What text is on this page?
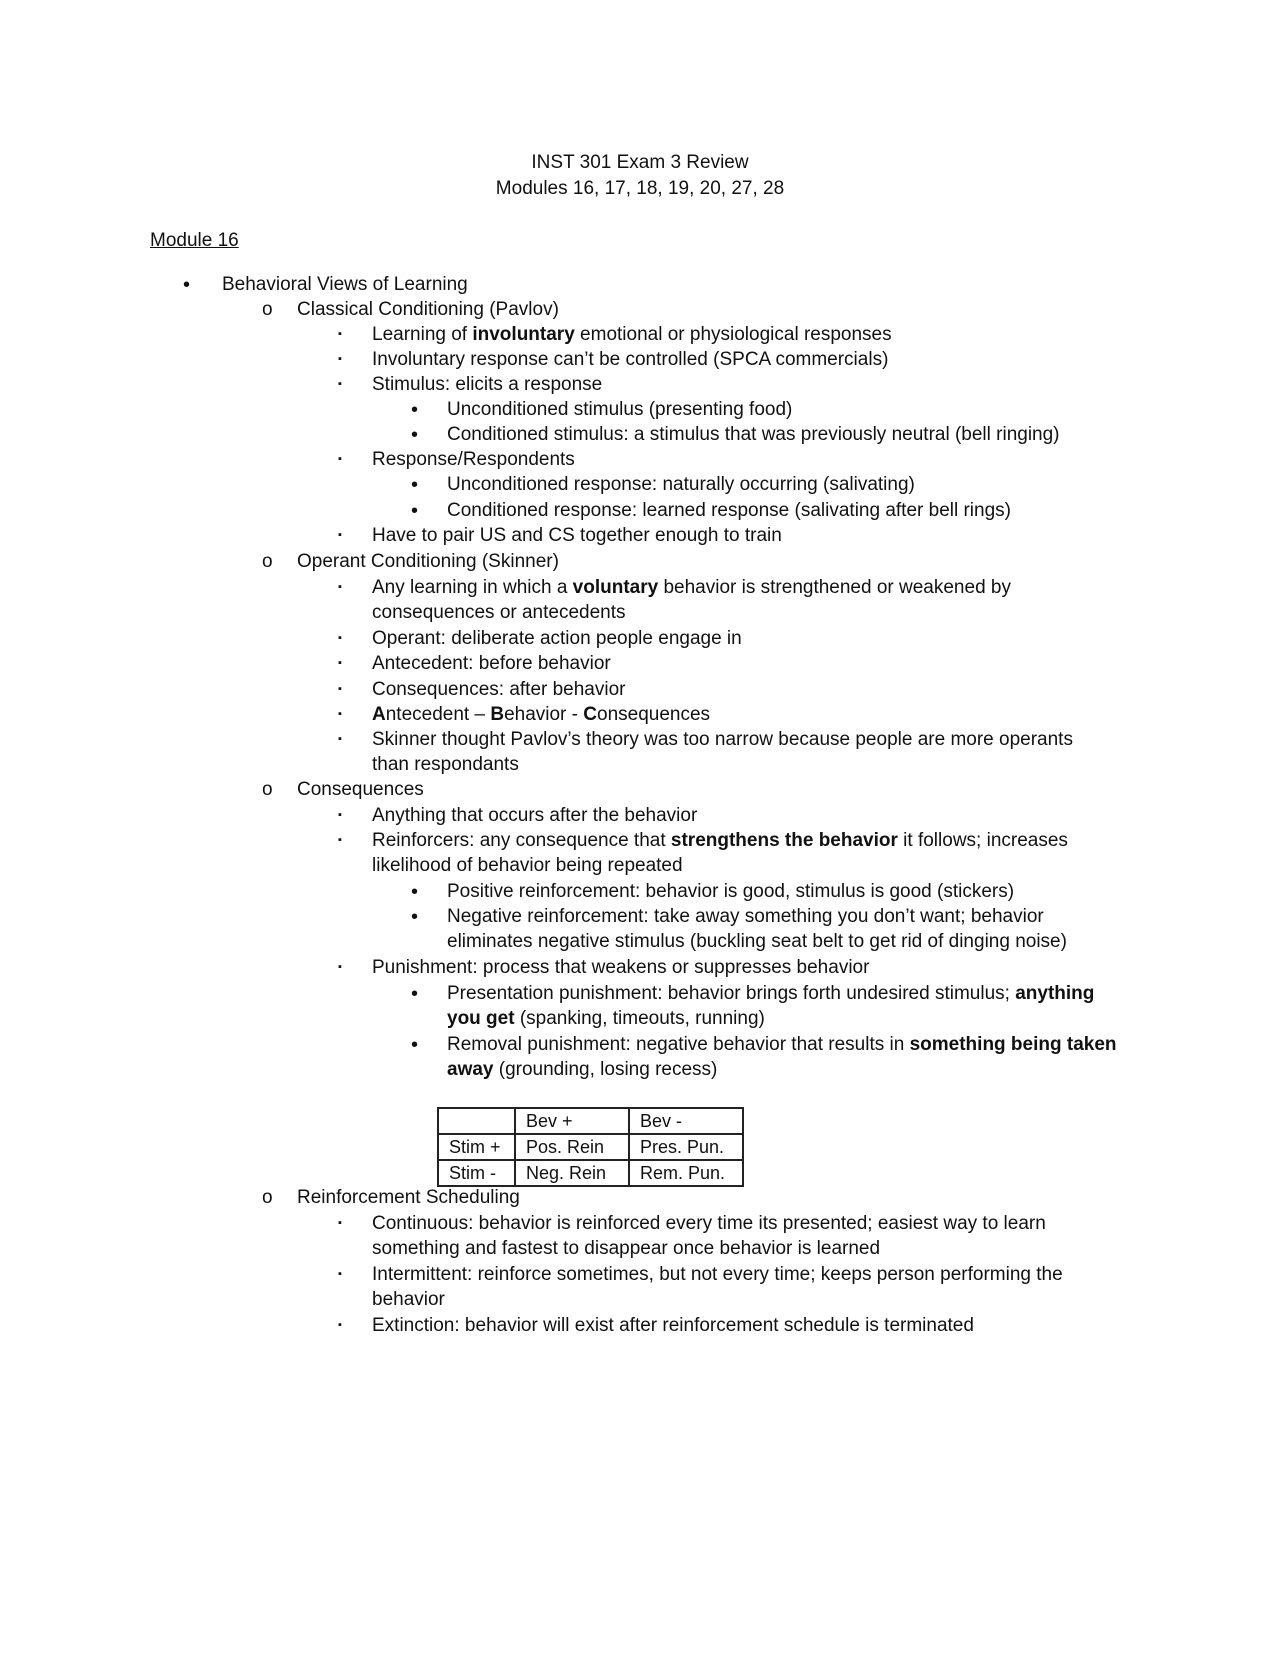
INST 301 Exam 3 Review
Modules 16, 17, 18, 19, 20, 27, 28
Module 16
• Behavioral Views of Learning
o Classical Conditioning (Pavlov)
▪ Learning of involuntary emotional or physiological responses
▪ Involuntary response can’t be controlled (SPCA commercials)
▪ Stimulus: elicits a response
• Unconditioned stimulus (presenting food)
• Conditioned stimulus: a stimulus that was previously neutral (bell ringing)
▪ Response/Respondents
• Unconditioned response: naturally occurring (salivating)
• Conditioned response: learned response (salivating after bell rings)
▪ Have to pair US and CS together enough to train
o Operant Conditioning (Skinner)
▪ Any learning in which a voluntary behavior is strengthened or weakened by
consequences or antecedents
▪ Operant: deliberate action people engage in
▪ Antecedent: before behavior
▪ Consequences: after behavior
▪ Antecedent – Behavior - Consequences
▪ Skinner thought Pavlov’s theory was too narrow because people are more operants
than respondants
o Consequences
▪ Anything that occurs after the behavior
▪ Reinforcers: any consequence that strengthens the behavior it follows; increases
likelihood of behavior being repeated
• Positive reinforcement: behavior is good, stimulus is good (stickers)
• Negative reinforcement: take away something you don’t want; behavior
eliminates negative stimulus (buckling seat belt to get rid of dinging noise)
▪ Punishment: process that weakens or suppresses behavior
• Presentation punishment: behavior brings forth undesired stimulus; anything
you get (spanking, timeouts, running)
• Removal punishment: negative behavior that results in something being taken
away (grounding, losing recess)
	Bev +	Bev -
Stim +	Pos. Rein	Pres. Pun.
Stim -	Neg. Rein	Rem. Pun.
o Reinforcement Scheduling
▪ Continuous: behavior is reinforced every time its presented; easiest way to learn
something and fastest to disappear once behavior is learned
▪ Intermittent: reinforce sometimes, but not every time; keeps person performing the
behavior
▪ Extinction: behavior will exist after reinforcement schedule is terminated
